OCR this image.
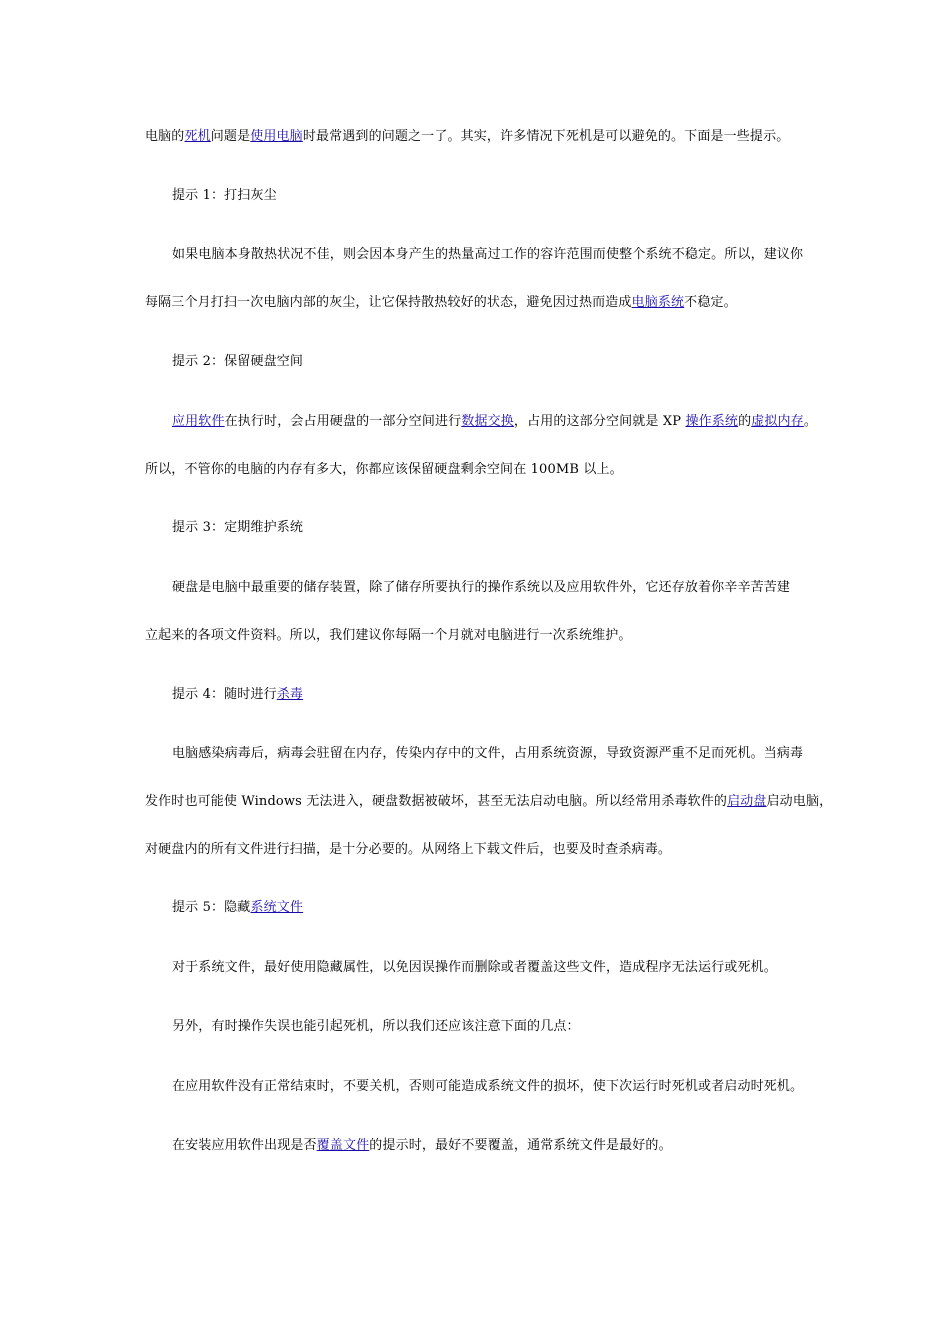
电脑的死机问题是使用电脑时最常遇到的问题之一了。其实，许多情况下死机是可以避免的。下面是一些提示。
提示 1：打扫灰尘
如果电脑本身散热状况不佳，则会因本身产生的热量高过工作的容许范围而使整个系统不稳定。所以，建议你
每隔三个月打扫一次电脑内部的灰尘，让它保持散热较好的状态，避免因过热而造成电脑系统不稳定。
提示 2：保留硬盘空间
应用软件在执行时，会占用硬盘的一部分空间进行数据交换，占用的这部分空间就是 XP 操作系统的虚拟内存。
所以，不管你的电脑的内存有多大，你都应该保留硬盘剩余空间在 100MB 以上。
提示 3：定期维护系统
硬盘是电脑中最重要的储存装置，除了储存所要执行的操作系统以及应用软件外，它还存放着你辛辛苦苦建
立起来的各项文件资料。所以，我们建议你每隔一个月就对电脑进行一次系统维护。
提示 4：随时进行杀毒
电脑感染病毒后，病毒会驻留在内存，传染内存中的文件，占用系统资源，导致资源严重不足而死机。当病毒
发作时也可能使 Windows 无法进入，硬盘数据被破坏，甚至无法启动电脑。所以经常用杀毒软件的启动盘启动电脑，
对硬盘内的所有文件进行扫描，是十分必要的。从网络上下载文件后，也要及时查杀病毒。
提示 5：隐藏系统文件
对于系统文件，最好使用隐藏属性，以免因误操作而删除或者覆盖这些文件，造成程序无法运行或死机。
另外，有时操作失误也能引起死机，所以我们还应该注意下面的几点：
在应用软件没有正常结束时，不要关机，否则可能造成系统文件的损坏，使下次运行时死机或者启动时死机。
在安装应用软件出现是否覆盖文件的提示时，最好不要覆盖，通常系统文件是最好的。
